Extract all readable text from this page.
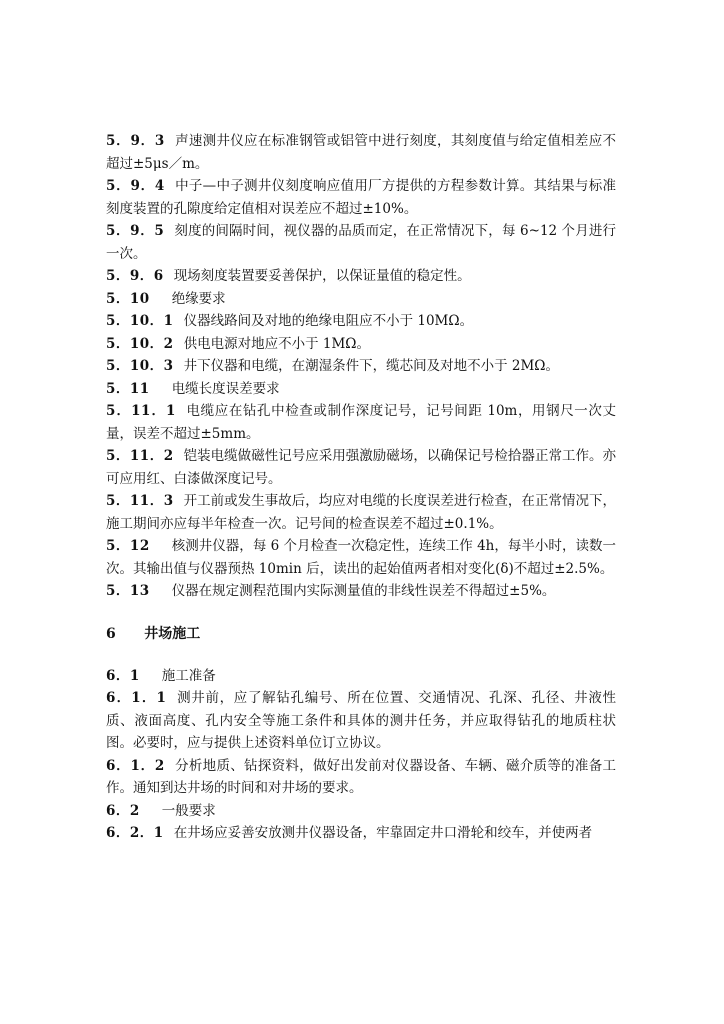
5．9．3 声速测井仪应在标准钢管或铝管中进行刻度，其刻度值与给定值相差应不超过±5μs／m。

5．9．4 中子—中子测井仪刻度响应值用厂方提供的方程参数计算。其结果与标准刻度装置的孔隙度给定值相对误差应不超过±10%。

5．9．5 刻度的间隔时间，视仪器的品质而定，在正常情况下，每 6~12 个月进行一次。

5．9．6 现场刻度装置要妥善保护，以保证量值的稳定性。

5．10 绝缘要求

5．10．1 仪器线路间及对地的绝缘电阻应不小于 10MΩ。

5．10．2 供电电源对地应不小于 1MΩ。

5．10．3 井下仪器和电缆，在潮湿条件下，缆芯间及对地不小于 2MΩ。

5．11 电缆长度误差要求

5．11．1 电缆应在钻孔中检查或制作深度记号，记号间距 10m，用钢尺一次丈量，误差不超过±5mm。

5．11．2 铠装电缆做磁性记号应采用强激励磁场，以确保记号检拾器正常工作。亦可应用红、白漆做深度记号。

5．11．3 开工前或发生事故后，均应对电缆的长度误差进行检查，在正常情况下，施工期间亦应每半年检查一次。记号间的检查误差不超过±0.1%。

5．12 核测井仪器，每 6 个月检查一次稳定性，连续工作 4h，每半小时，读数一次。其输出值与仪器预热 10min 后，读出的起始值两者相对变化(δ)不超过±2.5%。

5．13 仪器在规定测程范围内实际测量值的非线性误差不得超过±5%。

6 井场施工

6．1 施工准备

6．1．1 测井前，应了解钻孔编号、所在位置、交通情况、孔深、孔径、井液性质、液面高度、孔内安全等施工条件和具体的测井任务，并应取得钻孔的地质柱状图。必要时，应与提供上述资料单位订立协议。

6．1．2 分析地质、钻探资料，做好出发前对仪器设备、车辆、磁介质等的准备工作。通知到达井场的时间和对井场的要求。

6．2 一般要求

6．2．1 在井场应妥善安放测井仪器设备，牢靠固定井口滑轮和绞车，并使两者
